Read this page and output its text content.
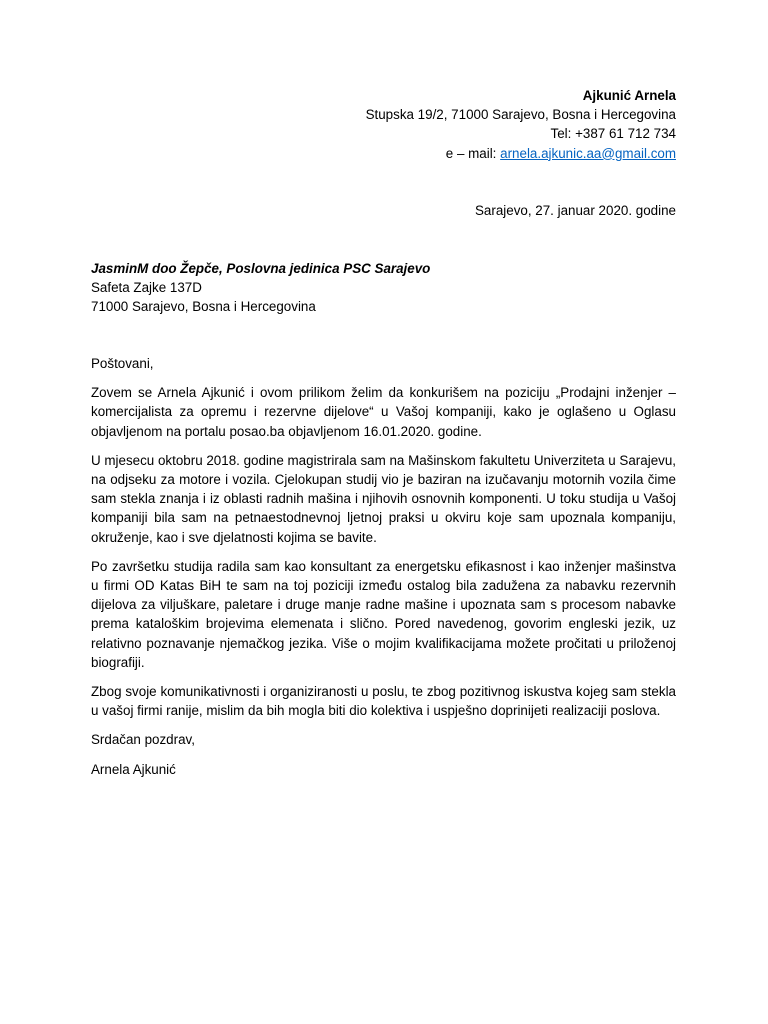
Ajkunić Arnela
Stupska 19/2, 71000 Sarajevo, Bosna i Hercegovina
Tel: +387 61 712 734
e – mail: arnela.ajkunic.aa@gmail.com
Sarajevo, 27. januar 2020. godine
JasminM doo Žepče, Poslovna jedinica PSC Sarajevo
Safeta Zajke 137D
71000 Sarajevo, Bosna i Hercegovina

Poštovani,

Zovem se Arnela Ajkunić i ovom prilikom želim da konkurišem na poziciju „Prodajni inženjer – komercijalista za opremu i rezervne dijelove“ u Vašoj kompaniji, kako je oglašeno u Oglasu objavljenom na portalu posao.ba objavljenom 16.01.2020. godine.

U mjesecu oktobru 2018. godine magistrirala sam na Mašinskom fakultetu Univerziteta u Sarajevu, na odjseku za motore i vozila. Cjelokupan studij vio je baziran na izučavanju motornih vozila čime sam stekla znanja i iz oblasti radnih mašina i njihovih osnovnih komponenti. U toku studija u Vašoj kompaniji bila sam na petnaestodnevnoj ljetnoj praksi u okviru koje sam upoznala kompaniju, okruženje, kao i sve djelatnosti kojima se bavite.

Po završetku studija radila sam kao konsultant za energetsku efikasnost i kao inženjer mašinstva u firmi OD Katas BiH te sam na toj poziciji između ostalog bila zadužena za nabavku rezervnih dijelova za viljuškare, paletare i druge manje radne mašine i upoznata sam s procesom nabavke prema kataloškim brojevima elemenata i slično. Pored navedenog, govorim engleski jezik, uz relativno poznavanje njemačkog jezika. Više o mojim kvalifikacijama možete pročitati u priloženoj biografiji.

Zbog svoje komunikativnosti i organiziranosti u poslu, te zbog pozitivnog iskustva kojeg sam stekla u vašoj firmi ranije, mislim da bih mogla biti dio kolektiva i uspješno doprinijeti realizaciji poslova.

Srdačan pozdrav,

Arnela Ajkunić
